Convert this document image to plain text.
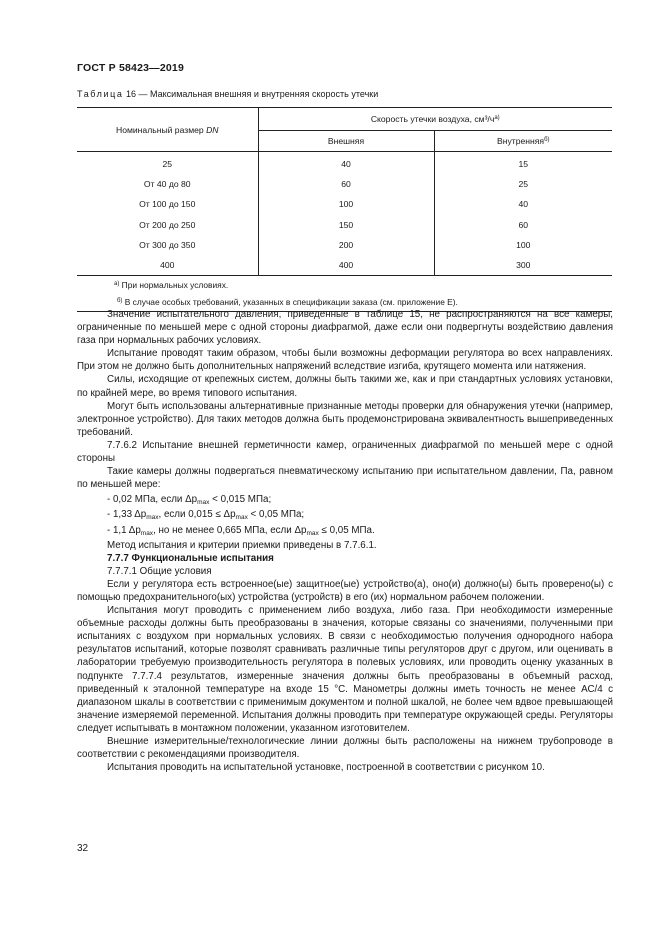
ГОСТ Р 58423—2019
Таблица 16 — Максимальная внешняя и внутренняя скорость утечки
Номинальный размер DN	Скорость утечки воздуха, см³/$ч^{а)}$
	Внешняя	Внутренняя$^{б)}$
25	40	15
От 40 до 80	60	25
От 100 до 150	100	40
От 200 до 250	150	60
От 300 до 350	200	100
400	400	300
$^{а)}$ При нормальных условиях.		
$^{б)}$ В случае особых требований, указанных в спецификации заказа (см. приложение Е).		

Значение испытательного давления, приведенные в таблице 15, не распространяются на все камеры, ограниченные по меньшей мере с одной стороны диафрагмой, даже если они подвергнуты воздействию давления газа при нормальных рабочих условиях.

Испытание проводят таким образом, чтобы были возможны деформации регулятора во всех направлениях. При этом не должно быть дополнительных напряжений вследствие изгиба, крутящего момента или натяжения.

Силы, исходящие от крепежных систем, должны быть такими же, как и при стандартных условиях установки, по крайней мере, во время типового испытания.

Могут быть использованы альтернативные признанные методы проверки для обнаружения утечки (например, электронное устройство). Для таких методов должна быть продемонстрирована эквивалентность вышеприведенных требований.

7.7.6.2 Испытание внешней герметичности камер, ограниченных диафрагмой по меньшей мере с одной стороны

Такие камеры должны подвергаться пневматическому испытанию при испытательном давлении, Па, равном по меньшей мере:

- 0,02 МПа, если $\Delta p_{max} < 0,015$ МПа;

- 1,33 $\Delta p_{max}$, если $0,015 \le \Delta p_{max} < 0,05$ МПа;

- 1,1 $\Delta p_{max}$, но не менее 0,665 МПа, если $\Delta p_{max} \le 0,05$ МПа.

Метод испытания и критерии приемки приведены в 7.7.6.1.

7.7.7 Функциональные испытания

7.7.7.1 Общие условия

Если у регулятора есть встроенное(ые) защитное(ые) устройство(а), оно(и) должно(ы) быть проверено(ы) с помощью предохранительного(ых) устройства (устройств) в его (их) нормальном рабочем положении.

Испытания могут проводить с применением либо воздуха, либо газа. При необходимости измеренные объемные расходы должны быть преобразованы в значения, которые связаны со значениями, полученными при испытаниях с воздухом при нормальных условиях. В связи с необходимостью получения однородного набора результатов испытаний, которые позволят сравнивать различные типы регуляторов друг с другом, или оценивать в лаборатории требуемую производительность регулятора в полевых условиях, или проводить оценку указанных в подпункте 7.7.7.4 результатов, измеренные значения должны быть преобразованы в объемный расход, приведенный к эталонной температуре на входе 15 °C. Манометры должны иметь точность не менее АС/4 с диапазоном шкалы в соответствии с применимым документом и полной шкалой, не более чем вдвое превышающей значение измеряемой переменной. Испытания должны проводить при температуре окружающей среды. Регуляторы следует испытывать в монтажном положении, указанном изготовителем.

Внешние измерительные/технологические линии должны быть расположены на нижнем трубопроводе в соответствии с рекомендациями производителя.

Испытания проводить на испытательной установке, построенной в соответствии с рисунком 10.

32
